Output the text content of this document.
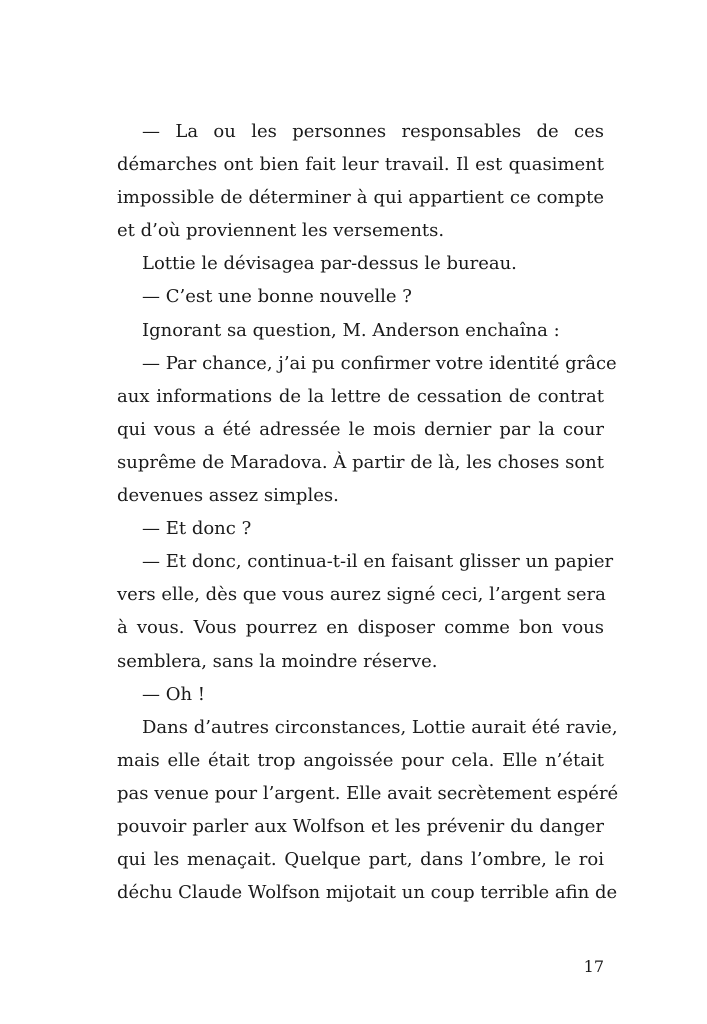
— La ou les personnes responsables de ces
démarches ont bien fait leur travail. Il est quasiment
impossible de déterminer à qui appartient ce compte
et d’où proviennent les versements.
Lottie le dévisagea par-dessus le bureau.
— C’est une bonne nouvelle ?
Ignorant sa question, M. Anderson enchaîna :
— Par chance, j’ai pu confirmer votre identité grâce
aux informations de la lettre de cessation de contrat
qui vous a été adressée le mois dernier par la cour
suprême de Maradova. À partir de là, les choses sont
devenues assez simples.
— Et donc ?
— Et donc, continua-t-il en faisant glisser un papier
vers elle, dès que vous aurez signé ceci, l’argent sera
à vous. Vous pourrez en disposer comme bon vous
semblera, sans la moindre réserve.
— Oh !
Dans d’autres circonstances, Lottie aurait été ravie,
mais elle était trop angoissée pour cela. Elle n’était
pas venue pour l’argent. Elle avait secrètement espéré
pouvoir parler aux Wolfson et les prévenir du danger
qui les menaçait. Quelque part, dans l’ombre, le roi
déchu Claude Wolfson mijotait un coup terrible afin de
17
